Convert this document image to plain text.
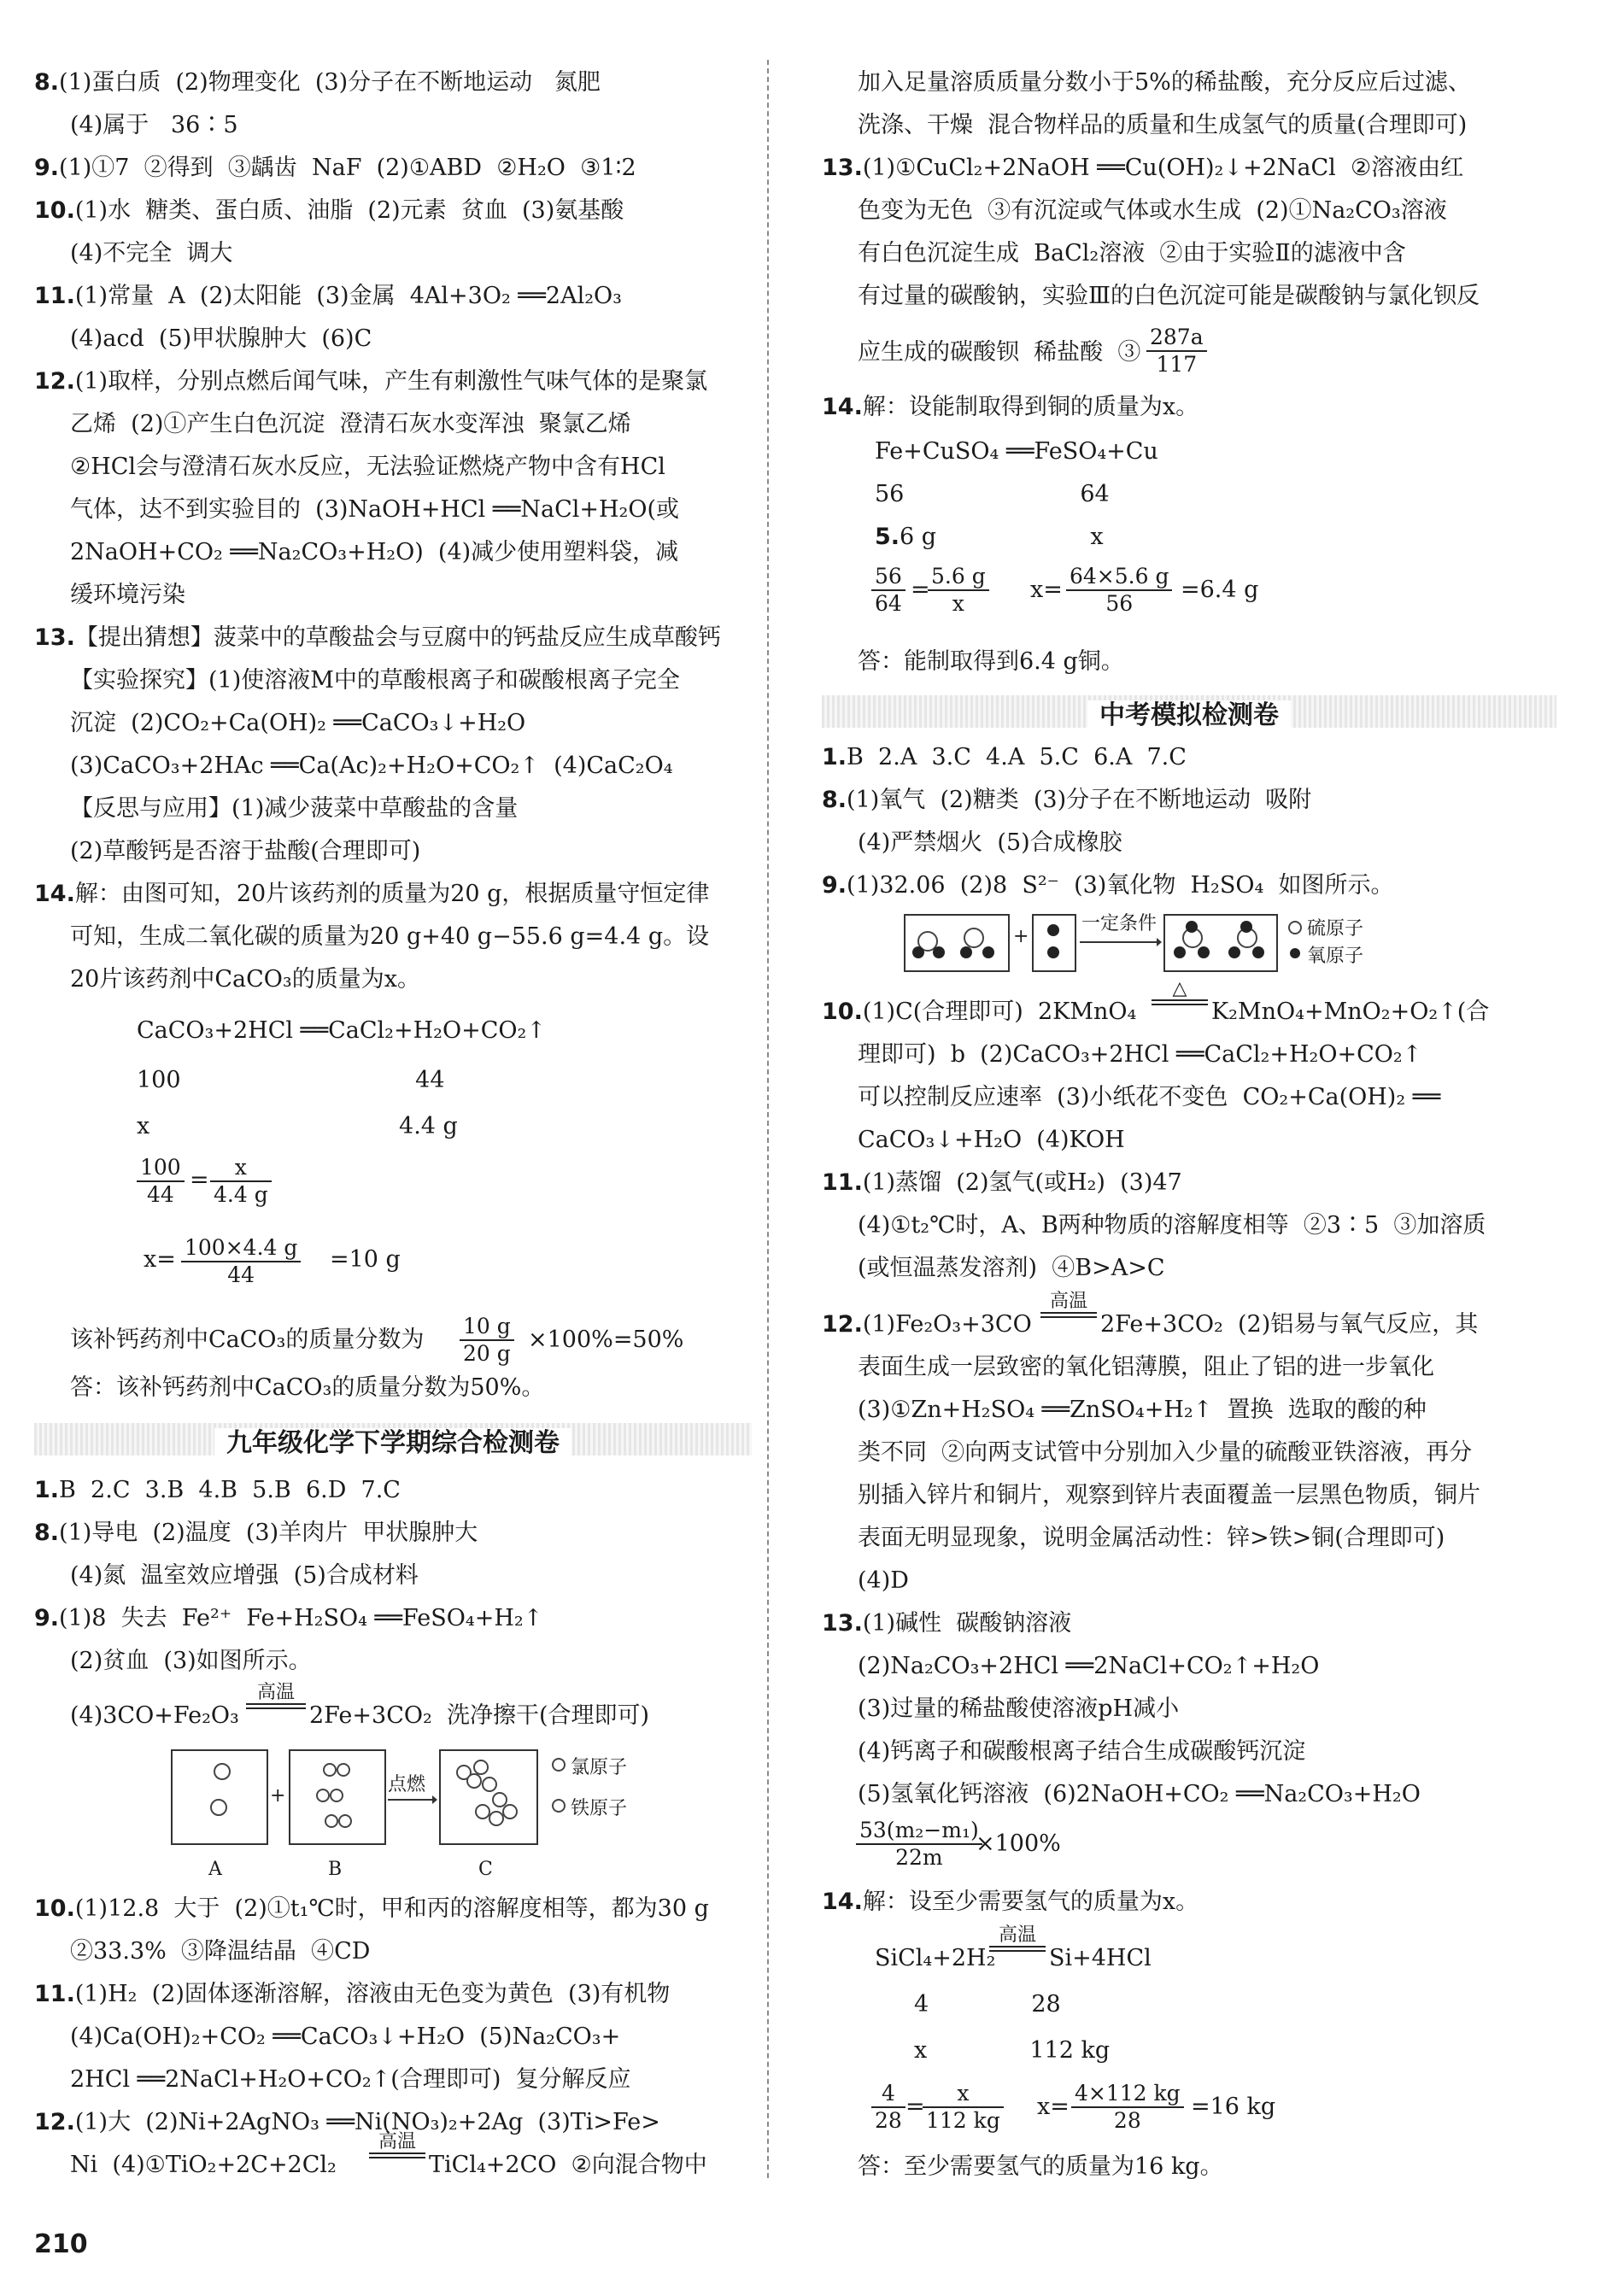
8.(1)蛋白质  (2)物理变化  (3)分子在不断地运动   氮肥
(4)属于   36∶5
9.(1)①7  ②得到  ③龋齿  NaF  (2)①ABD  ②H₂O  ③1∶2
10.(1)水  糖类、蛋白质、油脂  (2)元素  贫血  (3)氨基酸
(4)不完全  调大
11.(1)常量  A  (2)太阳能  (3)金属  4Al+3O₂ ══2Al₂O₃
(4)acd  (5)甲状腺肿大  (6)C
12.(1)取样，分别点燃后闻气味，产生有刺激性气味气体的是聚氯
乙烯  (2)①产生白色沉淀  澄清石灰水变浑浊  聚氯乙烯
②HCl会与澄清石灰水反应，无法验证燃烧产物中含有HCl
气体，达不到实验目的  (3)NaOH+HCl ══NaCl+H₂O(或
2NaOH+CO₂ ══Na₂CO₃+H₂O)  (4)减少使用塑料袋，减
缓环境污染
13.【提出猜想】菠菜中的草酸盐会与豆腐中的钙盐反应生成草酸钙
【实验探究】(1)使溶液M中的草酸根离子和碳酸根离子完全
沉淀  (2)CO₂+Ca(OH)₂ ══CaCO₃↓+H₂O
(3)CaCO₃+2HAc ══Ca(Ac)₂+H₂O+CO₂↑  (4)CaC₂O₄
【反思与应用】(1)减少菠菜中草酸盐的含量
(2)草酸钙是否溶于盐酸(合理即可)
14.解：由图可知，20片该药剂的质量为20 g，根据质量守恒定律
可知，生成二氧化碳的质量为20 g+40 g−55.6 g=4.4 g。设
20片该药剂中CaCO₃的质量为x。
CaCO₃+2HCl ══CaCl₂+H₂O+CO₂↑
100                                44
x                                  4.4 g
$\frac{100}{44} = \frac{x}{4.4 g}$
$x= \frac{100\times 4.4 g}{44} =10$ g
该补钙药剂中CaCO₃的质量分数为 $\frac{10 g}{20 g} \times 100\%=50\%$
答：该补钙药剂中CaCO₃的质量分数为50%。
九年级化学下学期综合检测卷
1.B  2.C  3.B  4.B  5.B  6.D  7.C
8.(1)导电  (2)温度  (3)羊肉片  甲状腺肿大
(4)氮  温室效应增强  (5)合成材料
9.(1)8  失去  Fe²⁺  Fe+H₂SO₄ ══FeSO₄+H₂↑
(2)贫血  (3)如图所示。
(4)3CO+Fe₂O₃
高温
2Fe+3CO₂  洗净擦干(合理即可)
A
+
B
点燃
C
氯原子
铁原子
10.(1)12.8  大于  (2)①t₁℃时，甲和丙的溶解度相等，都为30 g
②33.3%  ③降温结晶  ④CD
11.(1)H₂  (2)固体逐渐溶解，溶液由无色变为黄色  (3)有机物
(4)Ca(OH)₂+CO₂ ══CaCO₃↓+H₂O  (5)Na₂CO₃+
2HCl ══2NaCl+H₂O+CO₂↑(合理即可)  复分解反应
12.(1)大  (2)Ni+2AgNO₃ ══Ni(NO₃)₂+2Ag  (3)Ti>Fe>
Ni  (4)①TiO₂+2C+2Cl₂
高温
TiCl₄+2CO  ②向混合物中
210
加入足量溶质质量分数小于5%的稀盐酸，充分反应后过滤、
洗涤、干燥  混合物样品的质量和生成氢气的质量(合理即可)
13.(1)①CuCl₂+2NaOH ══Cu(OH)₂↓+2NaCl  ②溶液由红
色变为无色  ③有沉淀或气体或水生成  (2)①Na₂CO₃溶液
有白色沉淀生成  BaCl₂溶液  ②由于实验Ⅱ的滤液中含
有过量的碳酸钠，实验Ⅲ的白色沉淀可能是碳酸钠与氯化钡反
应生成的碳酸钡  稀盐酸  ③ $\frac{287a}{117}$
14.解：设能制取得到铜的质量为x。
Fe+CuSO₄ ══FeSO₄+Cu
56                        64
5.6 g                     x
$\frac{56}{64}$ =
$\frac{5.6 g}{x} x= \frac{64\times 5.6 g}{56} =6.4$ g
答：能制取得到6.4 g铜。
中考模拟检测卷
1.B  2.A  3.C  4.A  5.C  6.A  7.C
8.(1)氧气  (2)糖类  (3)分子在不断地运动  吸附
(4)严禁烟火  (5)合成橡胶
9.(1)32.06  (2)8  S²⁻  (3)氧化物  H₂SO₄  如图所示。
+
一定条件	硫原子
氧原子
10.(1)C(合理即可)  2KMnO₄
△
K₂MnO₄+MnO₂+O₂↑(合
理即可)  b  (2)CaCO₃+2HCl ══CaCl₂+H₂O+CO₂↑
可以控制反应速率  (3)小纸花不变色  CO₂+Ca(OH)₂ ══
CaCO₃↓+H₂O  (4)KOH
11.(1)蒸馏  (2)氢气(或H₂)  (3)47
(4)①t₂℃时，A、B两种物质的溶解度相等  ②3∶5  ③加溶质
(或恒温蒸发溶剂)  ④B>A>C
12.(1)Fe₂O₃+3CO
高温
2Fe+3CO₂  (2)铝易与氧气反应，其
表面生成一层致密的氧化铝薄膜，阻止了铝的进一步氧化
(3)①Zn+H₂SO₄ ══ZnSO₄+H₂↑  置换  选取的酸的种
类不同  ②向两支试管中分别加入少量的硫酸亚铁溶液，再分
别插入锌片和铜片，观察到锌片表面覆盖一层黑色物质，铜片
表面无明显现象，说明金属活动性：锌>铁>铜(合理即可)
(4)D
13.(1)碱性  碳酸钠溶液
(2)Na₂CO₃+2HCl ══2NaCl+CO₂↑+H₂O
(3)过量的稀盐酸使溶液pH减小
(4)钙离子和碳酸根离子结合生成碳酸钙沉淀
(5)氢氧化钙溶液  (6)2NaOH+CO₂ ══Na₂CO₃+H₂O
$\frac{\text{53(m₂−m₁)}}{22m}$
×100%
14.解：设至少需要氢气的质量为x。
SiCl₄+2H₂
高温
Si+4HCl
4              28
x              112 kg
$\frac{4}{28}$ =
$\frac{x}{112 kg} x= \frac{4\times 112 kg}{28} =16$ kg
答：至少需要氢气的质量为16 kg。
